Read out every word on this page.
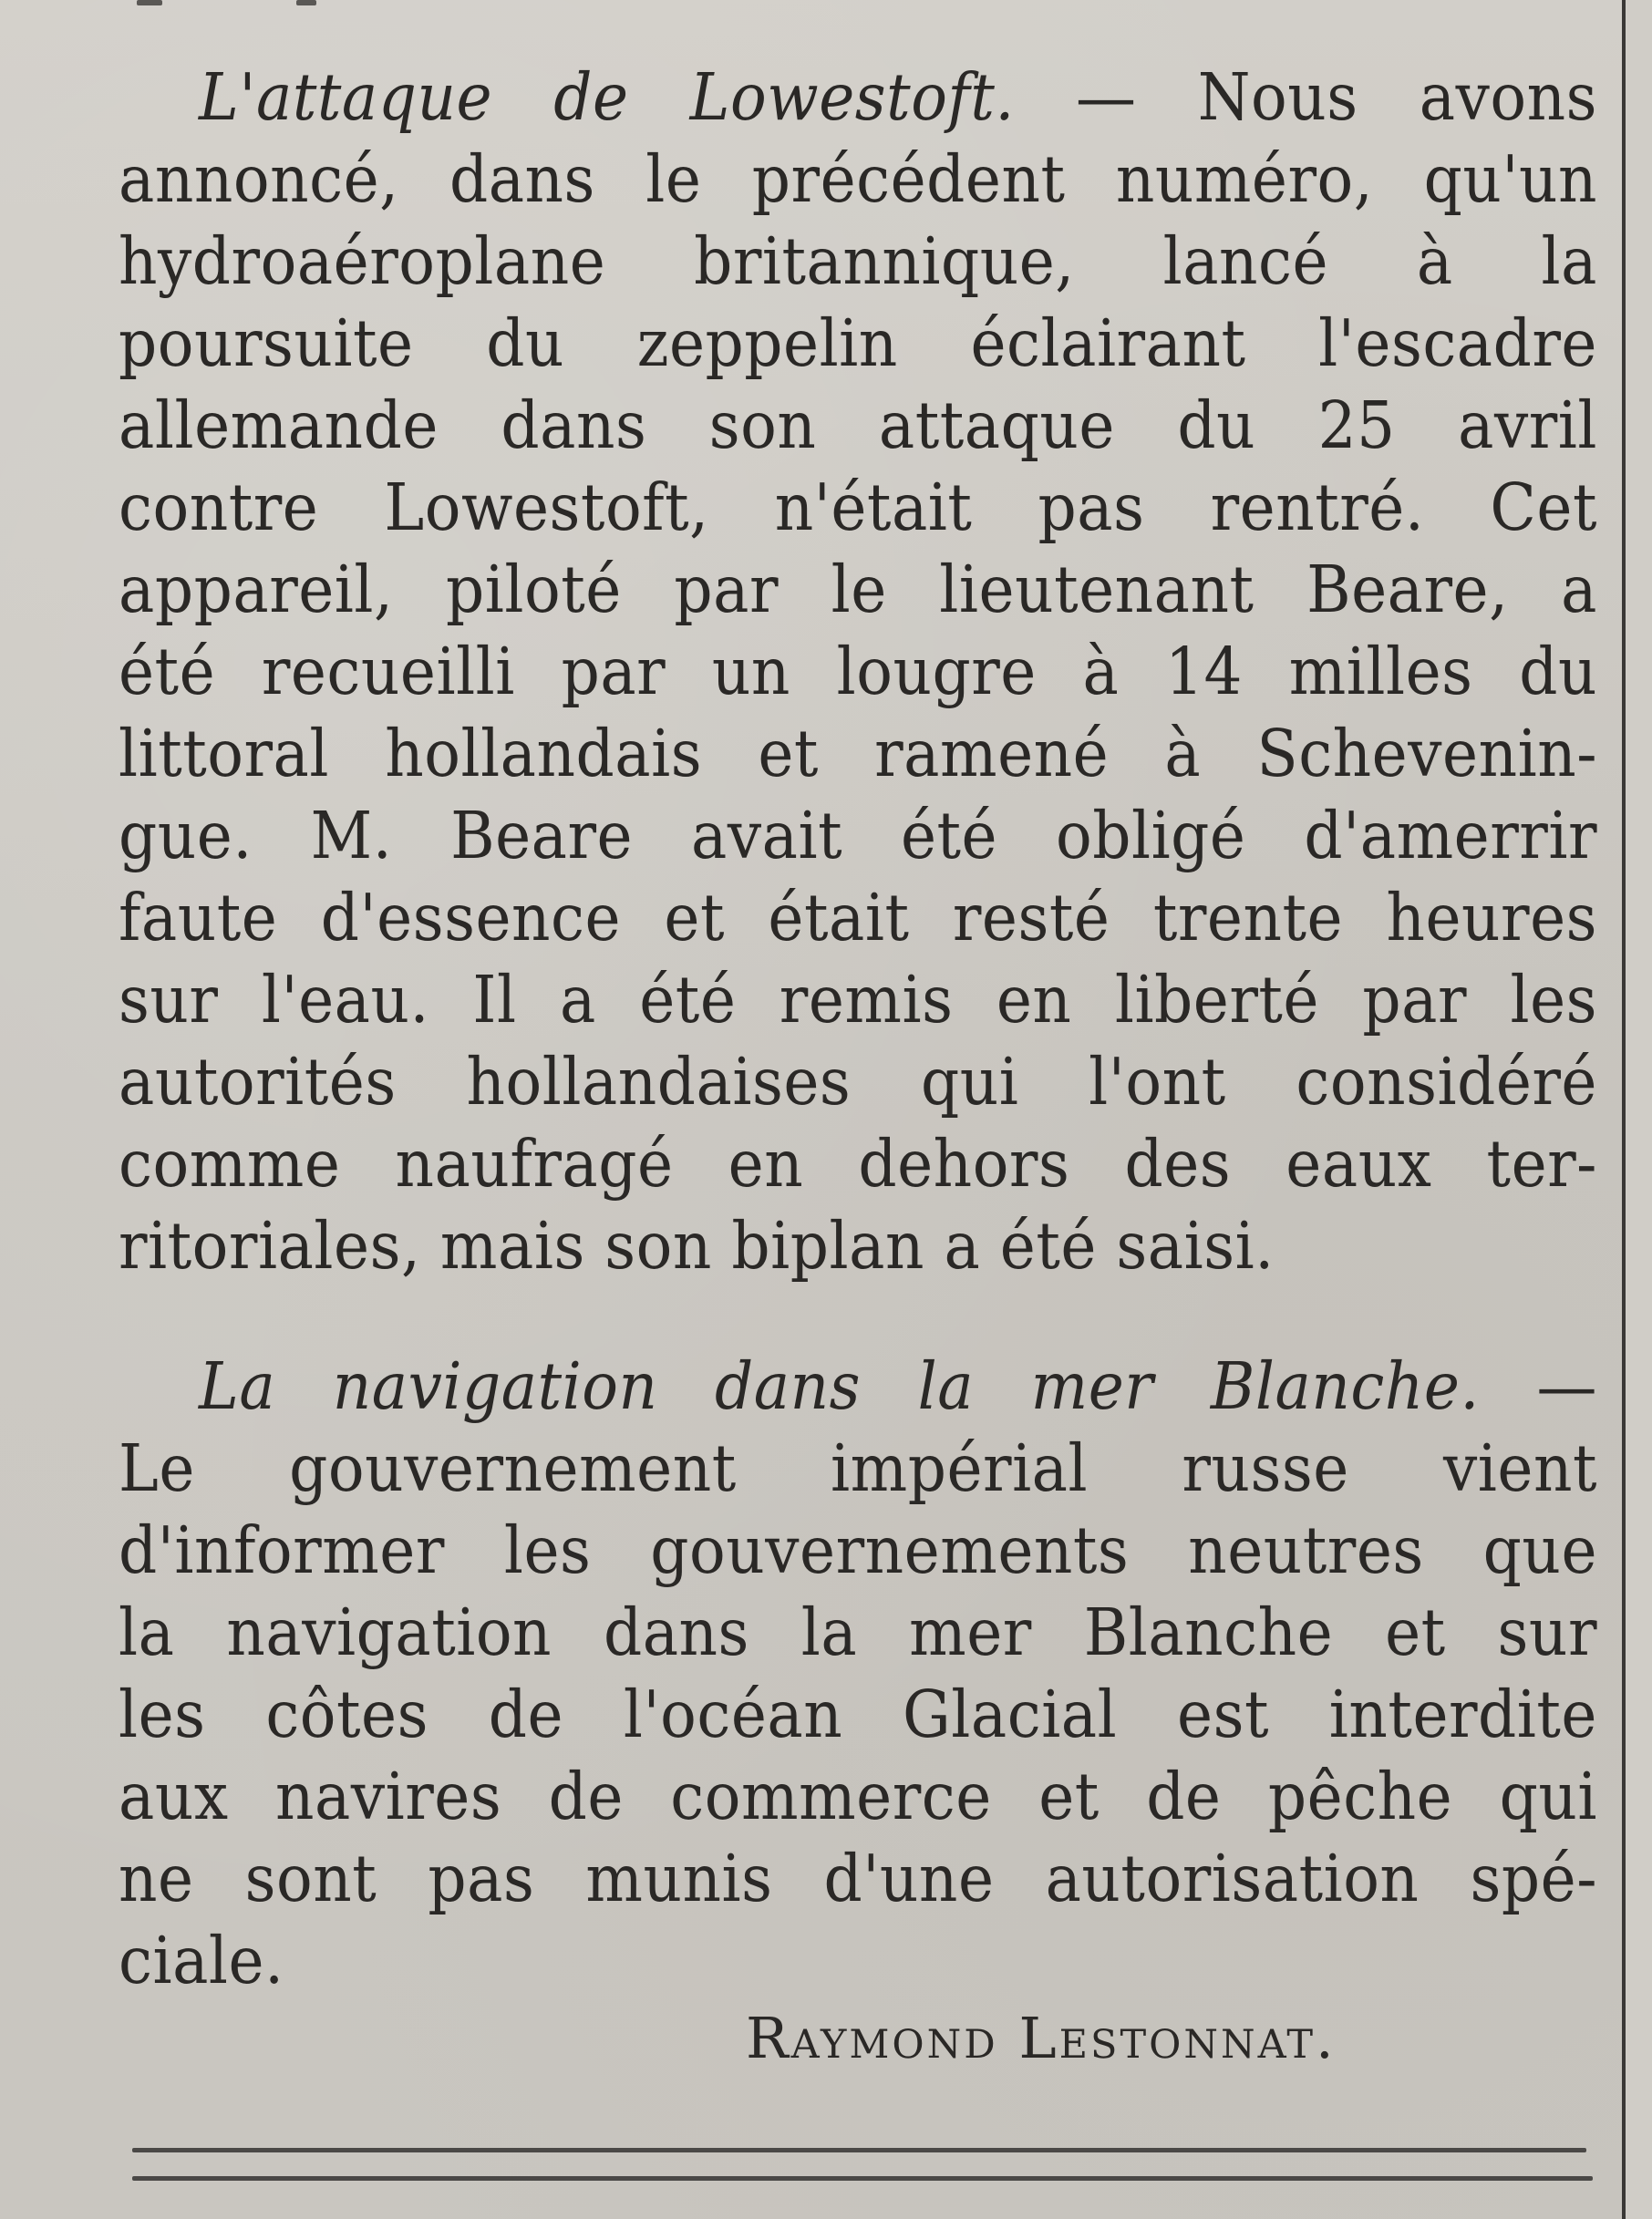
L'attaque de Lowestoft. — Nous avons
annoncé, dans le précédent numéro, qu'un
hydroaéroplane britannique, lancé à la
poursuite du zeppelin éclairant l'escadre
allemande dans son attaque du 25 avril
contre Lowestoft, n'était pas rentré. Cet
appareil, piloté par le lieutenant Beare, a
été recueilli par un lougre à 14 milles du
littoral hollandais et ramené à Schevenin-
gue. M. Beare avait été obligé d'amerrir
faute d'essence et était resté trente heures
sur l'eau. Il a été remis en liberté par les
autorités hollandaises qui l'ont considéré
comme naufragé en dehors des eaux ter-
ritoriales, mais son biplan a été saisi.
La navigation dans la mer Blanche. —
Le gouvernement impérial russe vient
d'informer les gouvernements neutres que
la navigation dans la mer Blanche et sur
les côtes de l'océan Glacial est interdite
aux navires de commerce et de pêche qui
ne sont pas munis d'une autorisation spé-
ciale.
Raymond Lestonnat.
